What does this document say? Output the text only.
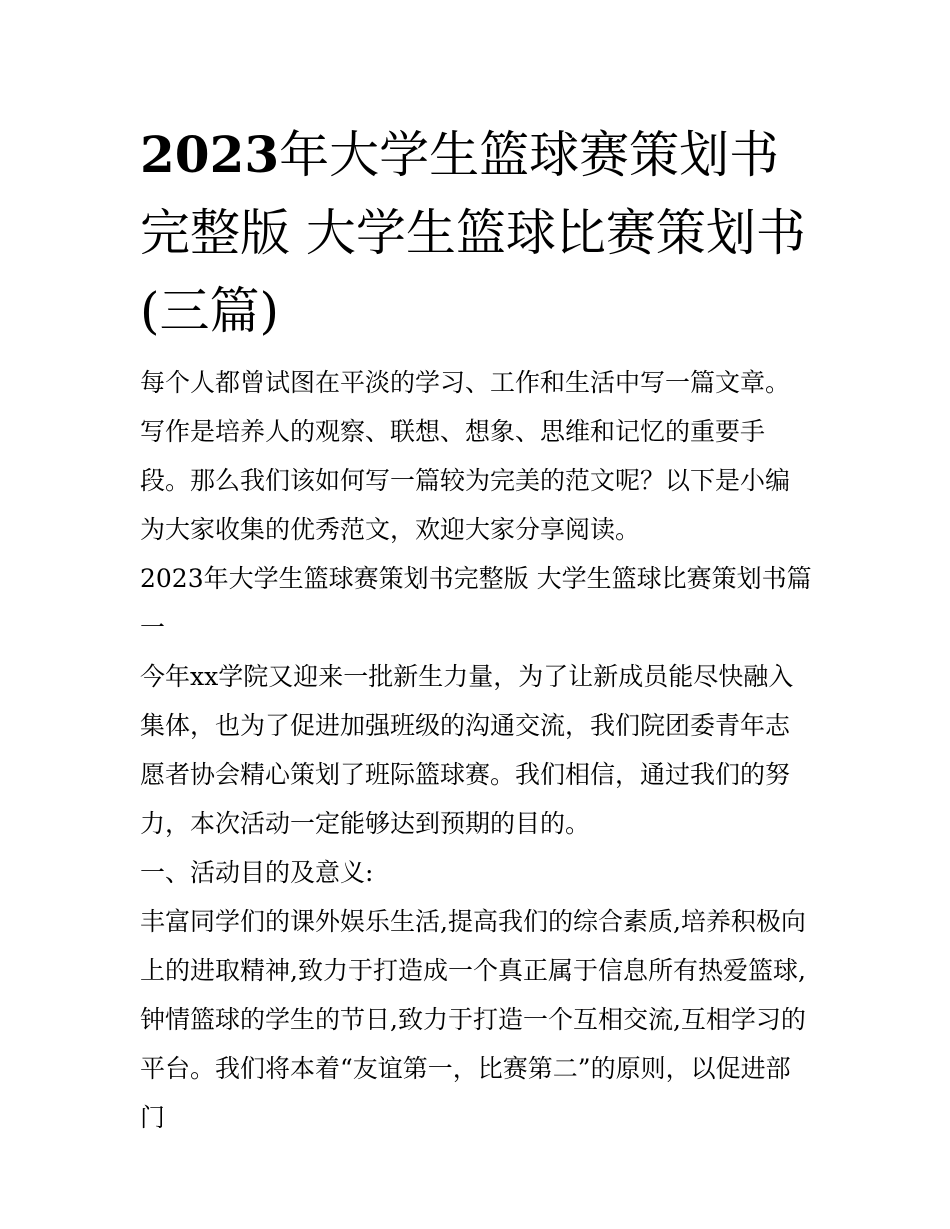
2023年大学生篮球赛策划书完整版 大学生篮球比赛策划书(三篇)

每个人都曾试图在平淡的学习、工作和生活中写一篇文章。写作是培养人的观察、联想、想象、思维和记忆的重要手段。那么我们该如何写一篇较为完美的范文呢？以下是小编为大家收集的优秀范文，欢迎大家分享阅读。

2023年大学生篮球赛策划书完整版 大学生篮球比赛策划书篇一

今年xx学院又迎来一批新生力量，为了让新成员能尽快融入集体，也为了促进加强班级的沟通交流，我们院团委青年志愿者协会精心策划了班际篮球赛。我们相信，通过我们的努力，本次活动一定能够达到预期的目的。

一、活动目的及意义:

丰富同学们的课外娱乐生活,提高我们的综合素质,培养积极向上的进取精神,致力于打造成一个真正属于信息所有热爱篮球,钟情篮球的学生的节日,致力于打造一个互相交流,互相学习的平台。我们将本着“友谊第一，比赛第二”的原则，以促进部门
